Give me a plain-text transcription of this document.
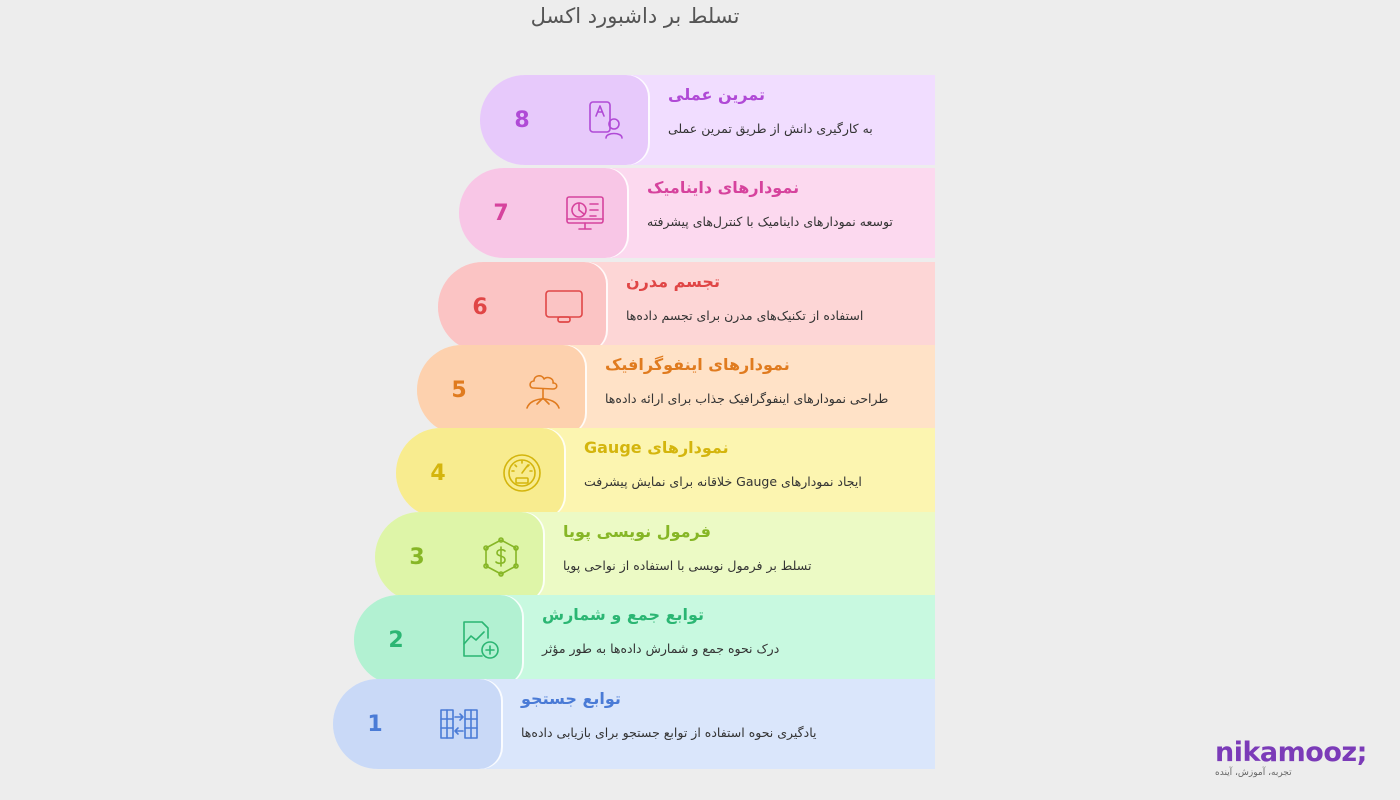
تسلط بر داشبورد اکسل
8
تمرین عملی
به کارگیری دانش از طریق تمرین عملی
7
نمودارهای داینامیک
توسعه نمودارهای داینامیک با کنترل‌های پیشرفته
6
تجسم مدرن
استفاده از تکنیک‌های مدرن برای تجسم داده‌ها
5
نمودارهای اینفوگرافیک
طراحی نمودارهای اینفوگرافیک جذاب برای ارائه داده‌ها
4
نمودارهای Gauge
ایجاد نمودارهای Gauge خلاقانه برای نمایش پیشرفت
3
فرمول نویسی پویا
تسلط بر فرمول نویسی با استفاده از نواحی پویا
2
توابع جمع و شمارش
درک نحوه جمع و شمارش داده‌ها به طور مؤثر
1
توابع جستجو
یادگیری نحوه استفاده از توابع جستجو برای بازیابی داده‌ها
nikamooz;
تجربه، آموزش، آینده
